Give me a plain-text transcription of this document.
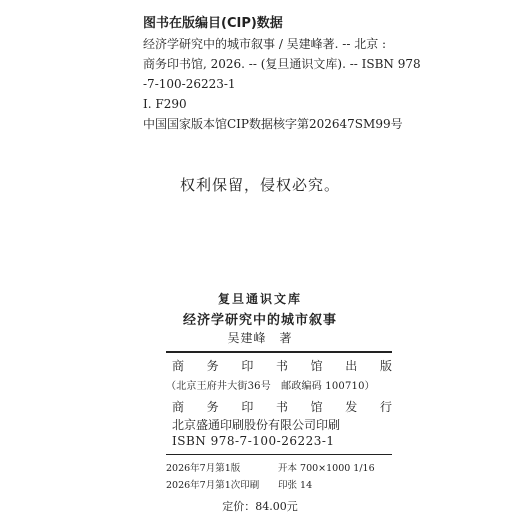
图书在版编目(CIP)数据
经济学研究中的城市叙事 / 吴建峰著. -- 北京 :
商务印书馆, 2026. -- (复旦通识文库). -- ISBN 978
-7-100-26223-1
Ⅰ. F290
中国国家版本馆CIP数据核字第202647SM99号
权利保留，侵权必究。
复旦通识文库
经济学研究中的城市叙事
吴建峰　著
商 务 印 书 馆 出 版
（北京王府井大街36号　邮政编码 100710）
商 务 印 书 馆 发 行
北京盛通印刷股份有限公司印刷
ISBN 978-7-100-26223-1
2026年7月第1版
2026年7月第1次印刷
开本 700×1000 1/16
印张 14
定价：84.00元
